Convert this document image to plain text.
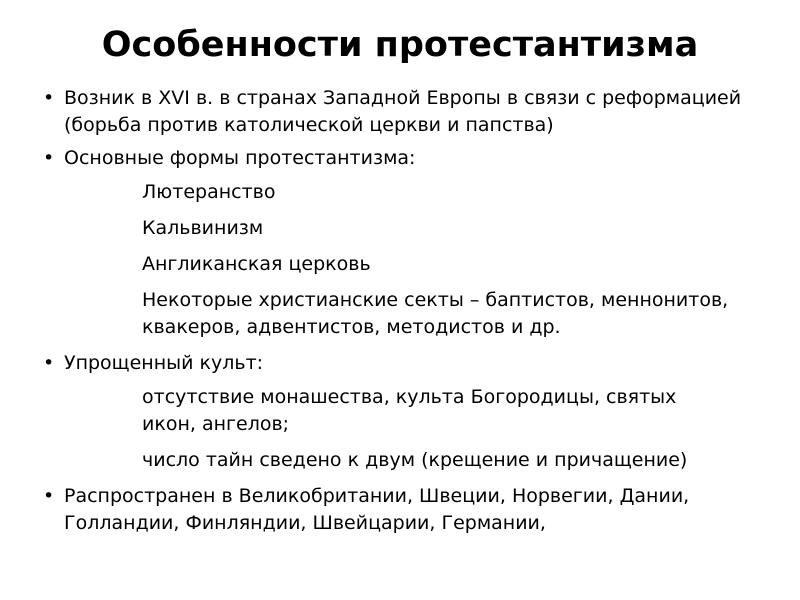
Особенности протестантизма
• Возник в XVI в. в странах Западной Европы в связи с реформацией (борьба против католической церкви и папства)
• Основные формы протестантизма:

Лютеранство

Кальвинизм

Англиканская церковь

Некоторые христианские секты – баптистов, меннонитов, квакеров, адвентистов, методистов и др.

• Упрощенный культ:

отсутствие монашества, культа Богородицы, святых икон, ангелов;

число тайн сведено к двум (крещение и причащение)

• Распространен в Великобритании, Швеции, Норвегии, Дании, Голландии, Финляндии, Швейцарии, Германии,
